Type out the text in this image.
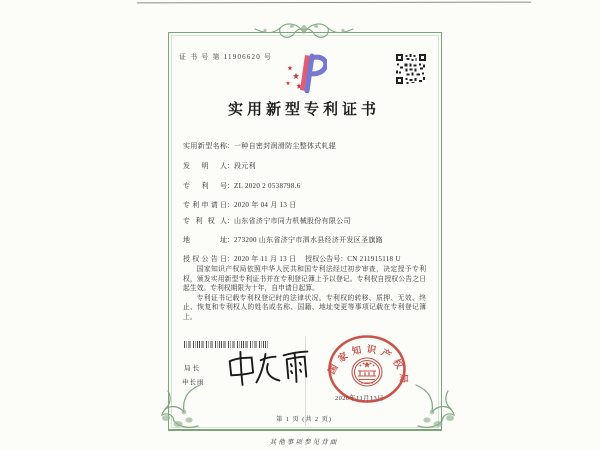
证 书 号 第 11906620 号
实用新型专利证书
实用新型名称：一种自密封润滑防尘整体式轧辊
发明人：段元利
专利号：ZL 2020 2 0538798.6
专利申请日：2020 年 04 月 13 日
专利权人：山东省济宁市同力机械股份有限公司
地址：273200 山东省济宁市泗水县经济开发区圣旗路
授权公告日：2020 年 11 月 13 日 授权公告号：CN 211915118 U

国家知识产权局依照中华人民共和国专利法经过初步审查，决定授予专利权，颁发实用新型专利证书并在专利登记簿上予以登记。专利权自授权公告之日起生效。专利权期限为十年，自申请日起算。

专利证书记载专利权登记时的法律状况。专利权的转移、质押、无效、终止、恢复和专利权人的姓名或名称、国籍、地址变更等事项记载在专利登记簿上。

局长
申长雨
2020年11月13日
国家知识产权局
第 1 页 (共 2 页)
其他事项参见背面
